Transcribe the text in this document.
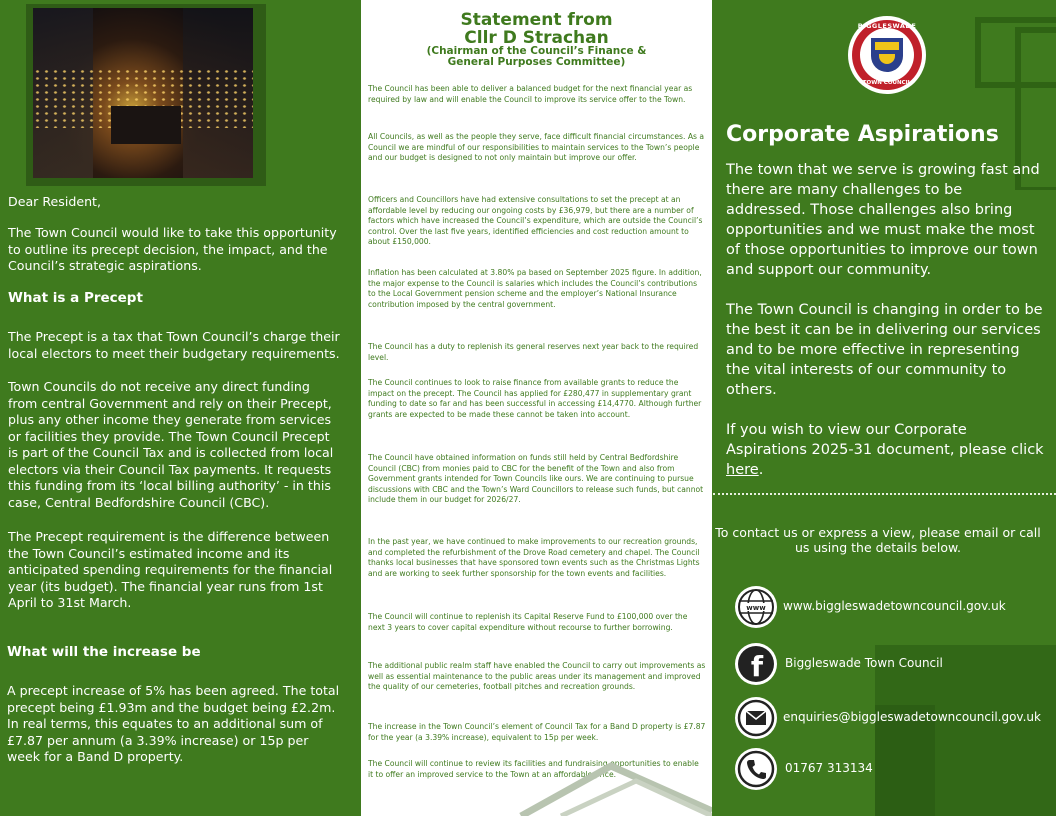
Dear Resident,

The Town Council would like to take this opportunity to outline its precept decision, the impact, and the Council’s strategic aspirations.

What is a Precept

The Precept is a tax that Town Council’s charge their local electors to meet their budgetary requirements.

Town Councils do not receive any direct funding from central Government and rely on their Precept, plus any other income they generate from services or facilities they provide. The Town Council Precept is part of the Council Tax and is collected from local electors via their Council Tax payments. It requests this funding from its ‘local billing authority’ - in this case, Central Bedfordshire Council (CBC).

The Precept requirement is the difference between the Town Council’s estimated income and its anticipated spending requirements for the financial year (its budget). The financial year runs from 1st April to 31st March.

What will the increase be

A precept increase of 5% has been agreed. The total precept being £1.93m and the budget being £2.2m. In real terms, this equates to an additional sum of £7.87 per annum (a 3.39% increase) or 15p per week for a Band D property.

Statement from

Cllr D Strachan

(Chairman of the Council’s Finance &

General Purposes Committee)

The Council has been able to deliver a balanced budget for the next financial year as required by law and will enable the Council to improve its service offer to the Town.

All Councils, as well as the people they serve, face difficult financial circumstances. As a Council we are mindful of our responsibilities to maintain services to the Town’s people and our budget is designed to not only maintain but improve our offer.

Officers and Councillors have had extensive consultations to set the precept at an affordable level by reducing our ongoing costs by £36,979, but there are a number of factors which have increased the Council’s expenditure, which are outside the Council’s control. Over the last five years, identified efficiencies and cost reduction amount to about £150,000.

Inflation has been calculated at 3.80% pa based on September 2025 figure. In addition, the major expense to the Council is salaries which includes the Council’s contributions to the Local Government pension scheme and the employer’s National Insurance contribution imposed by the central government.

The Council has a duty to replenish its general reserves next year back to the required level.

The Council continues to look to raise finance from available grants to reduce the impact on the precept. The Council has applied for £280,477 in supplementary grant funding to date so far and has been successful in accessing £14,4770. Although further grants are expected to be made these cannot be taken into account.

The Council have obtained information on funds still held by Central Bedfordshire Council (CBC) from monies paid to CBC for the benefit of the Town and also from Government grants intended for Town Councils like ours. We are continuing to pursue discussions with CBC and the Town’s Ward Councillors to release such funds, but cannot include them in our budget for 2026/27.

In the past year, we have continued to make improvements to our recreation grounds, and completed the refurbishment of the Drove Road cemetery and chapel. The Council thanks local businesses that have sponsored town events such as the Christmas Lights and are working to seek further sponsorship for the town events and facilities.

The Council will continue to replenish its Capital Reserve Fund to £100,000 over the next 3 years to cover capital expenditure without recourse to further borrowing.

The additional public realm staff have enabled the Council to carry out improvements as well as essential maintenance to the public areas under its management and improved the quality of our cemeteries, football pitches and recreation grounds.

The increase in the Town Council’s element of Council Tax for a Band D property is £7.87 for the year (a 3.39% increase), equivalent to 15p per week.

The Council will continue to review its facilities and fundraising opportunities to enable it to offer an improved service to the Town at an affordable price.

BIGGLESWADE
TOWN COUNCIL
Corporate Aspirations

The town that we serve is growing fast and there are many challenges to be addressed. Those challenges also bring opportunities and we must make the most of those opportunities to improve our town and support our community.

The Town Council is changing in order to be the best it can be in delivering our services and to be more effective in representing the vital interests of our community to others.

If you wish to view our Corporate Aspirations 2025-31 document, please click here.

To contact us or express a view, please email or call us using the details below.

www www.biggleswadetowncouncil.gov.uk
f Biggleswade Town Council
enquiries@biggleswadetowncouncil.gov.uk
01767 313134
